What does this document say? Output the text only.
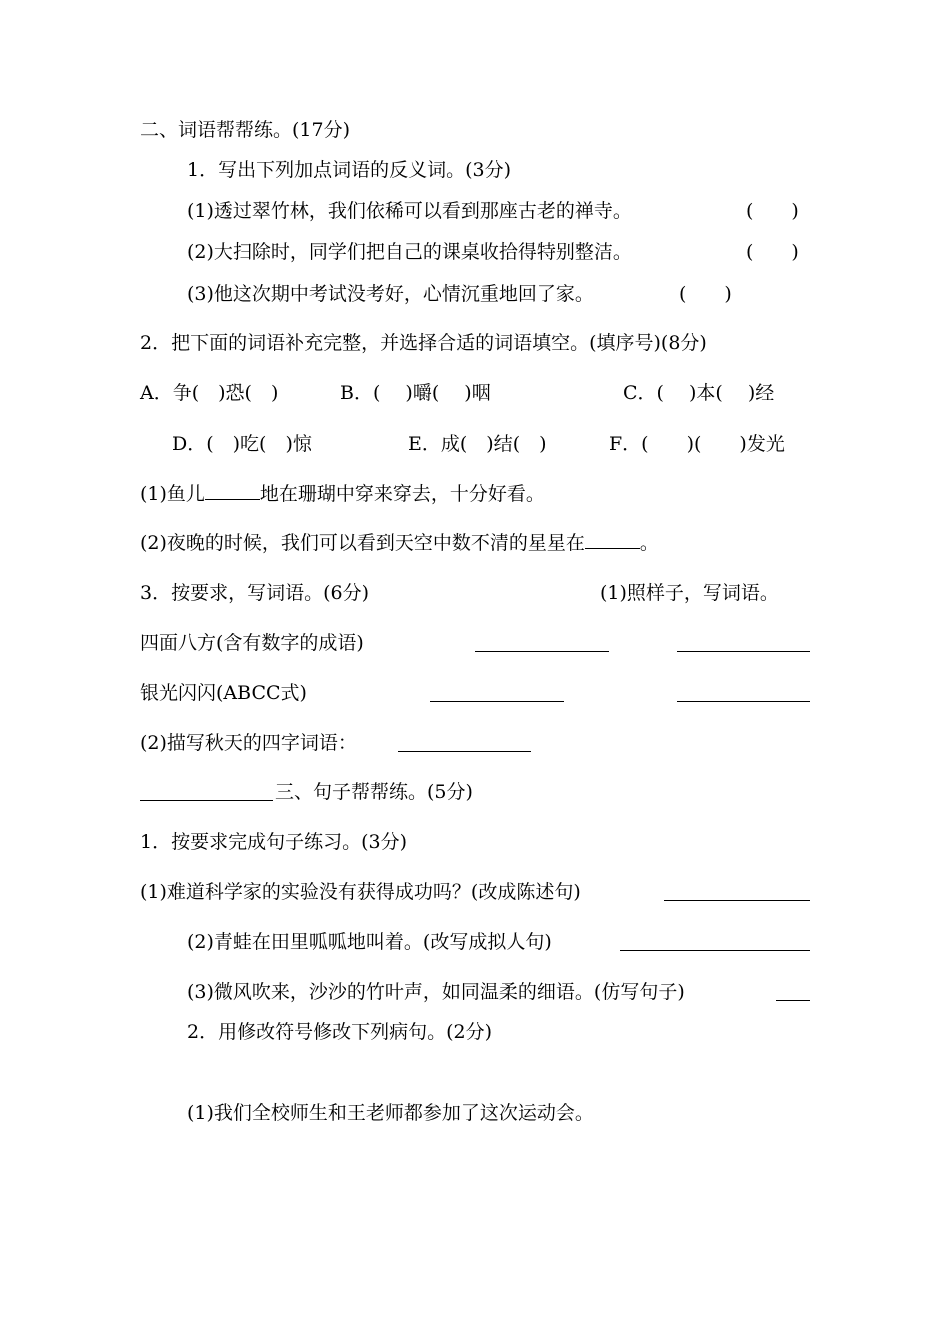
二、词语帮帮练。(17分)
1．写出下列加点词语的反义词。(3分)
(1)透过翠竹林，我们依稀可以看到那座古老的禅寺。	(　　)
(2)大扫除时，同学们把自己的课桌收拾得特别整洁。	(　　)
(3)他这次期中考试没考好，心情沉重地回了家。	(　　)
2．把下面的词语补充完整，并选择合适的词语填空。(填序号)(8分)
A．争(　)恐(　)	B．(　 )嚼(　 )咽	C．(　 )本(　 )经
D．(　)吃(　)惊	E．成(　)结(　)	F．(　　)(　　)发光
(1)鱼儿	地在珊瑚中穿来穿去，十分好看。
(2)夜晚的时候，我们可以看到天空中数不清的星星在	。
3．按要求，写词语。(6分)	(1)照样子，写词语。
四面八方(含有数字的成语)
银光闪闪(ABCC式)
(2)描写秋天的四字词语：
三、句子帮帮练。(5分)
1．按要求完成句子练习。(3分)
(1)难道科学家的实验没有获得成功吗？(改成陈述句)
(2)青蛙在田里呱呱地叫着。(改写成拟人句)
(3)微风吹来，沙沙的竹叶声，如同温柔的细语。(仿写句子)
2．用修改符号修改下列病句。(2分)
(1)我们全校师生和王老师都参加了这次运动会。
